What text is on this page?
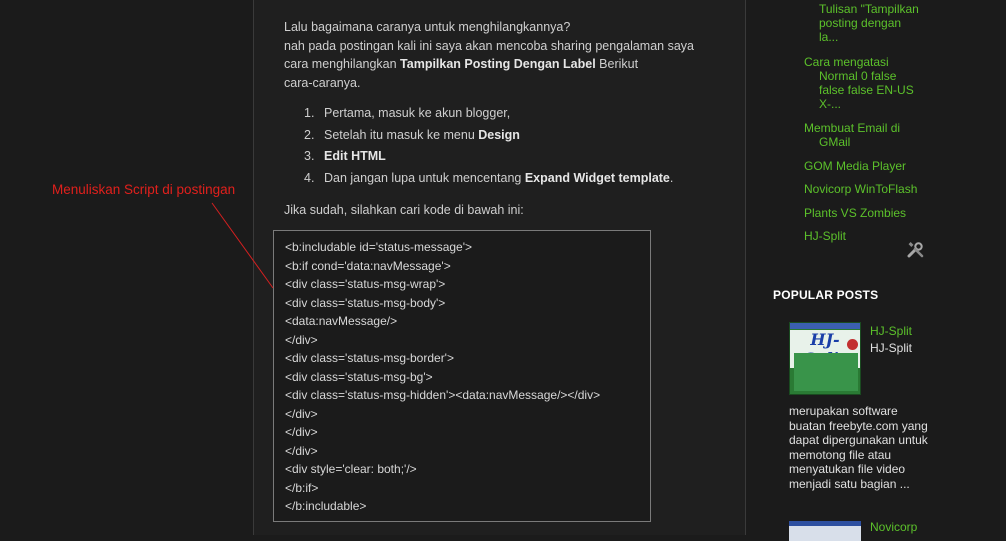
Lalu bagaimana caranya untuk menghilangkannya?

nah pada postingan kali ini saya akan mencoba sharing pengalaman saya

cara menghilangkan Tampilkan Posting Dengan Label Berikut

cara-caranya.

1. Pertama, masuk ke akun blogger,
2. Setelah itu masuk ke menu Design
3. Edit HTML
4. Dan jangan lupa untuk mencentang Expand Widget template.
Jika sudah, silahkan cari kode di bawah ini:
<b:includable id='status-message'>
<b:if cond='data:navMessage'>
<div class='status-msg-wrap'>
<div class='status-msg-body'>
<data:navMessage/>
</div>
<div class='status-msg-border'>
<div class='status-msg-bg'>
<div class='status-msg-hidden'><data:navMessage/></div>
</div>
</div>
</div>
<div style='clear: both;'/>
</b:if>
</b:includable>
Menuliskan Script di postingan
Tulisan "Tampilkan
posting dengan
la...
Cara mengatasi
Normal 0 false
false false EN-US
X-...
Membuat Email di
GMail
GOM Media Player
Novicorp WinToFlash
Plants VS Zombies
HJ-Split
POPULAR POSTS
HJ-	HJ-Split
HJ-Split
merupakan software buatan freebyte.com yang dapat dipergunakan untuk memotong file atau menyatukan file video menjadi satu bagian ...
Novicorp
